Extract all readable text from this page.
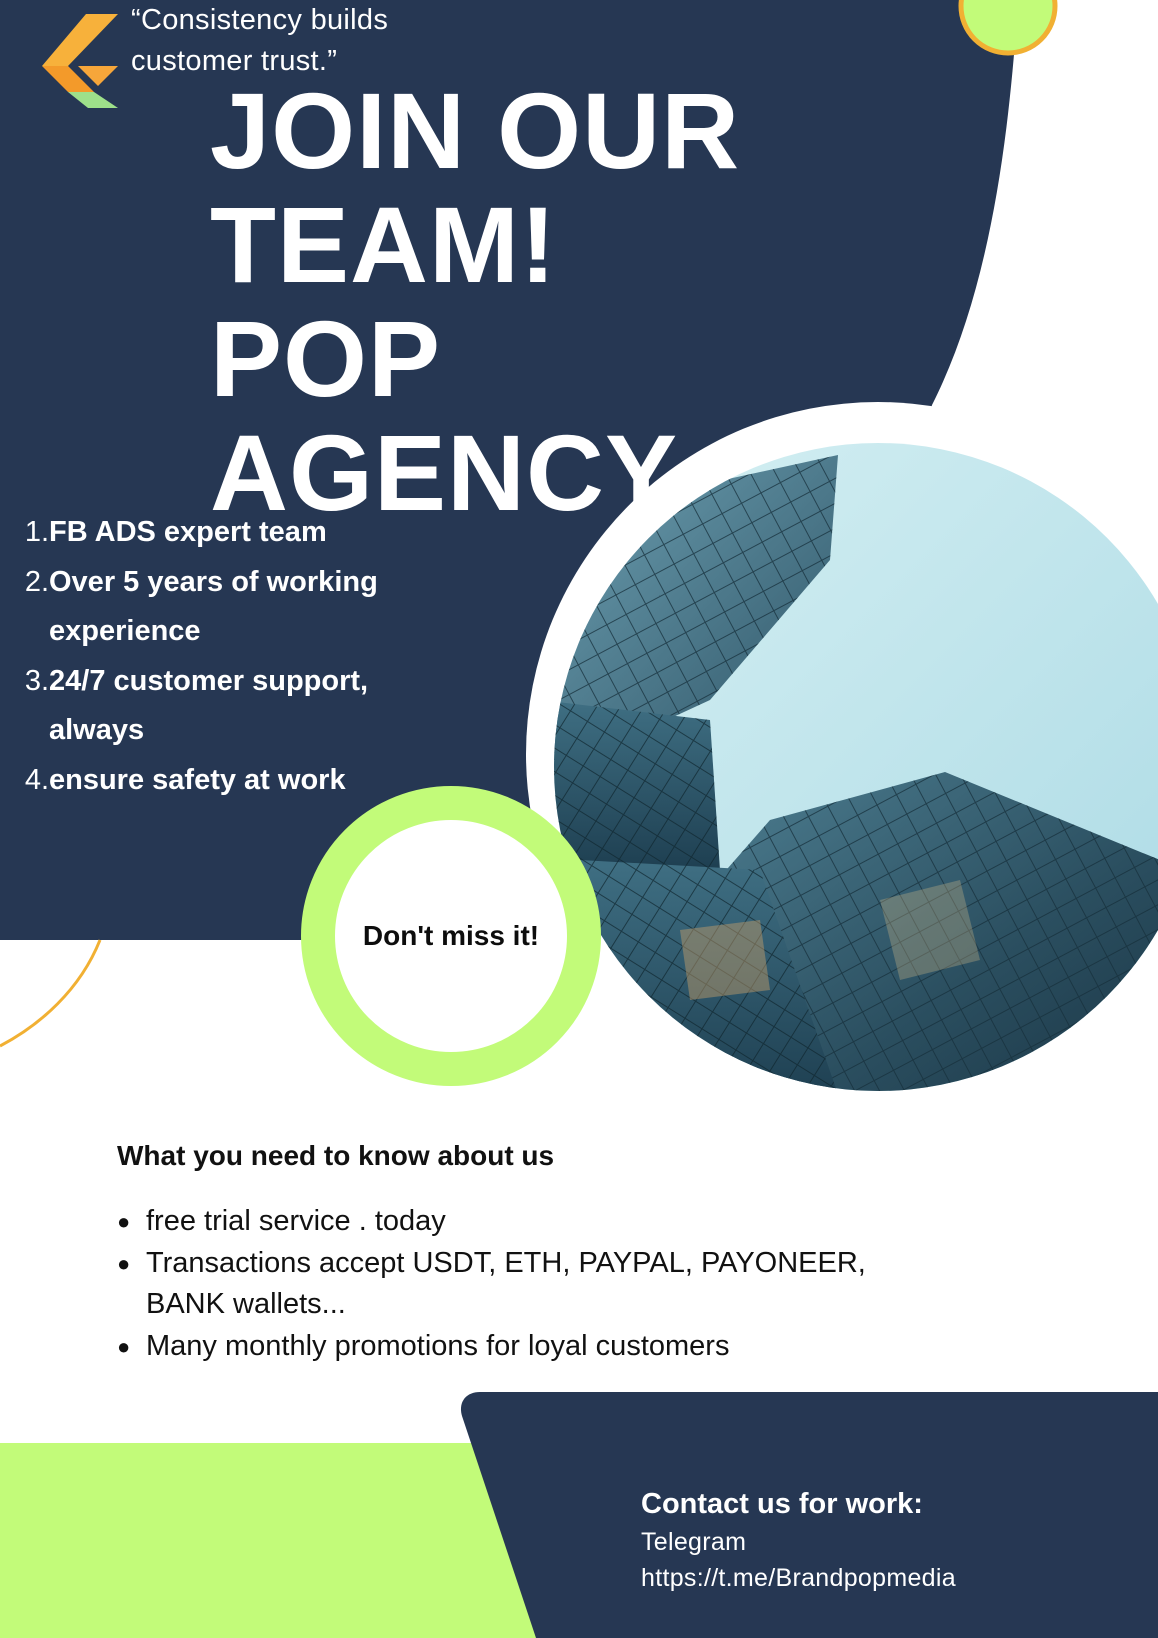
“Consistency builds customer trust.”
JOIN OUR
TEAM!
POP
AGENCY
1. FB ADS expert team
2. Over 5 years of working experience
3. 24/7 customer support, always
4. ensure safety at work
Don't miss it!
What you need to know about us
● free trial service . today
● Transactions accept USDT, ETH, PAYPAL, PAYONEER, BANK wallets...
● Many monthly promotions for loyal customers
Contact us for work:
Telegram
https://t.me/Brandpopmedia
